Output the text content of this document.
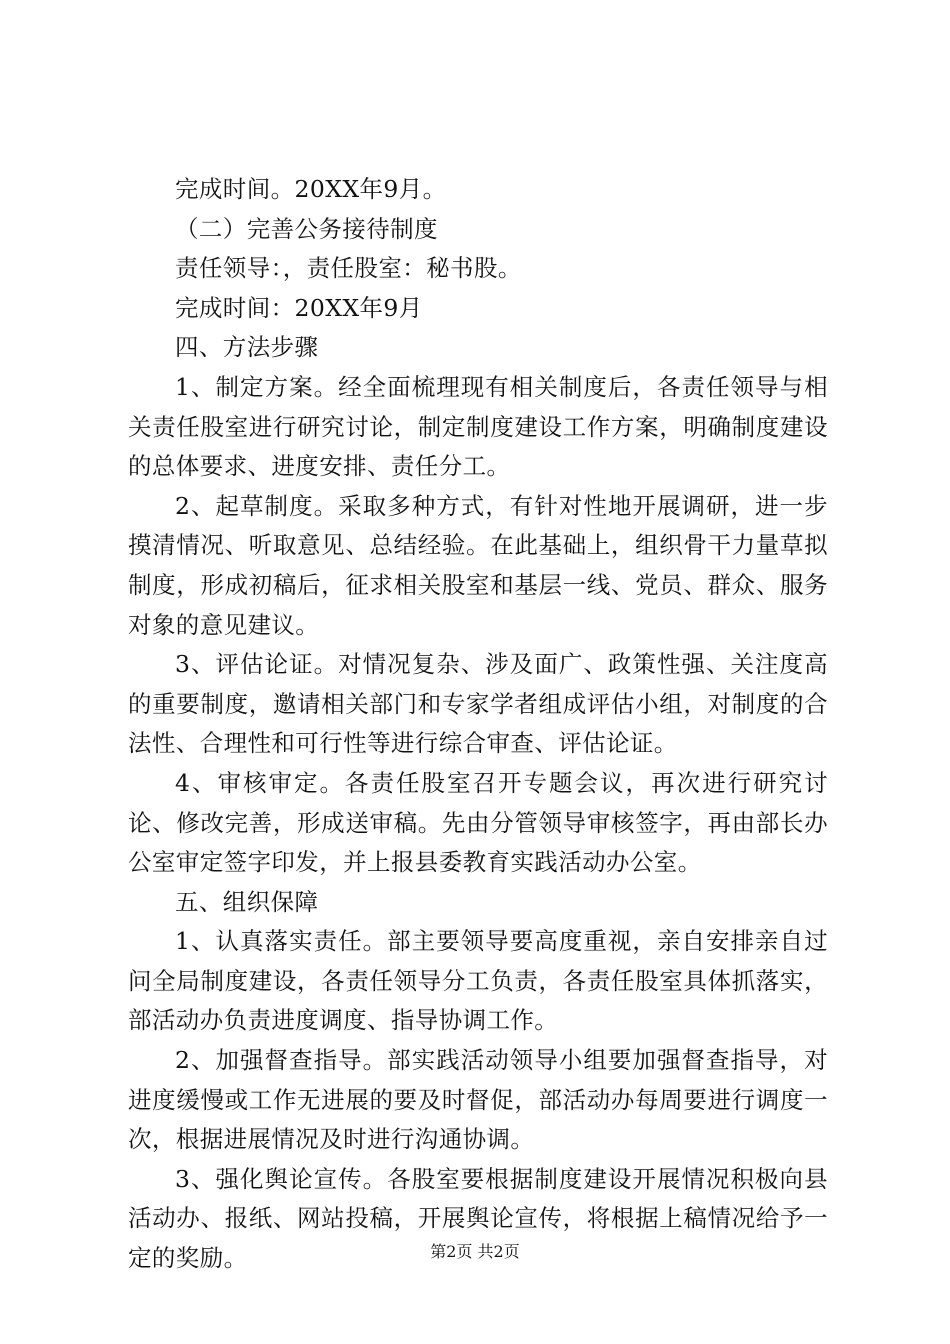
完成时间。20XX年9月。

（二）完善公务接待制度

责任领导：，责任股室：秘书股。

完成时间：20XX年9月

四、方法步骤

1、制定方案。经全面梳理现有相关制度后，各责任领导与相关责任股室进行研究讨论，制定制度建设工作方案，明确制度建设的总体要求、进度安排、责任分工。

2、起草制度。采取多种方式，有针对性地开展调研，进一步摸清情况、听取意见、总结经验。在此基础上，组织骨干力量草拟制度，形成初稿后，征求相关股室和基层一线、党员、群众、服务对象的意见建议。

3、评估论证。对情况复杂、涉及面广、政策性强、关注度高的重要制度，邀请相关部门和专家学者组成评估小组，对制度的合法性、合理性和可行性等进行综合审查、评估论证。

4、审核审定。各责任股室召开专题会议，再次进行研究讨论、修改完善，形成送审稿。先由分管领导审核签字，再由部长办公室审定签字印发，并上报县委教育实践活动办公室。

五、组织保障

1、认真落实责任。部主要领导要高度重视，亲自安排亲自过问全局制度建设，各责任领导分工负责，各责任股室具体抓落实，部活动办负责进度调度、指导协调工作。

2、加强督查指导。部实践活动领导小组要加强督查指导，对进度缓慢或工作无进展的要及时督促，部活动办每周要进行调度一次，根据进展情况及时进行沟通协调。

3、强化舆论宣传。各股室要根据制度建设开展情况积极向县活动办、报纸、网站投稿，开展舆论宣传，将根据上稿情况给予一定的奖励。	第2页 共2页
